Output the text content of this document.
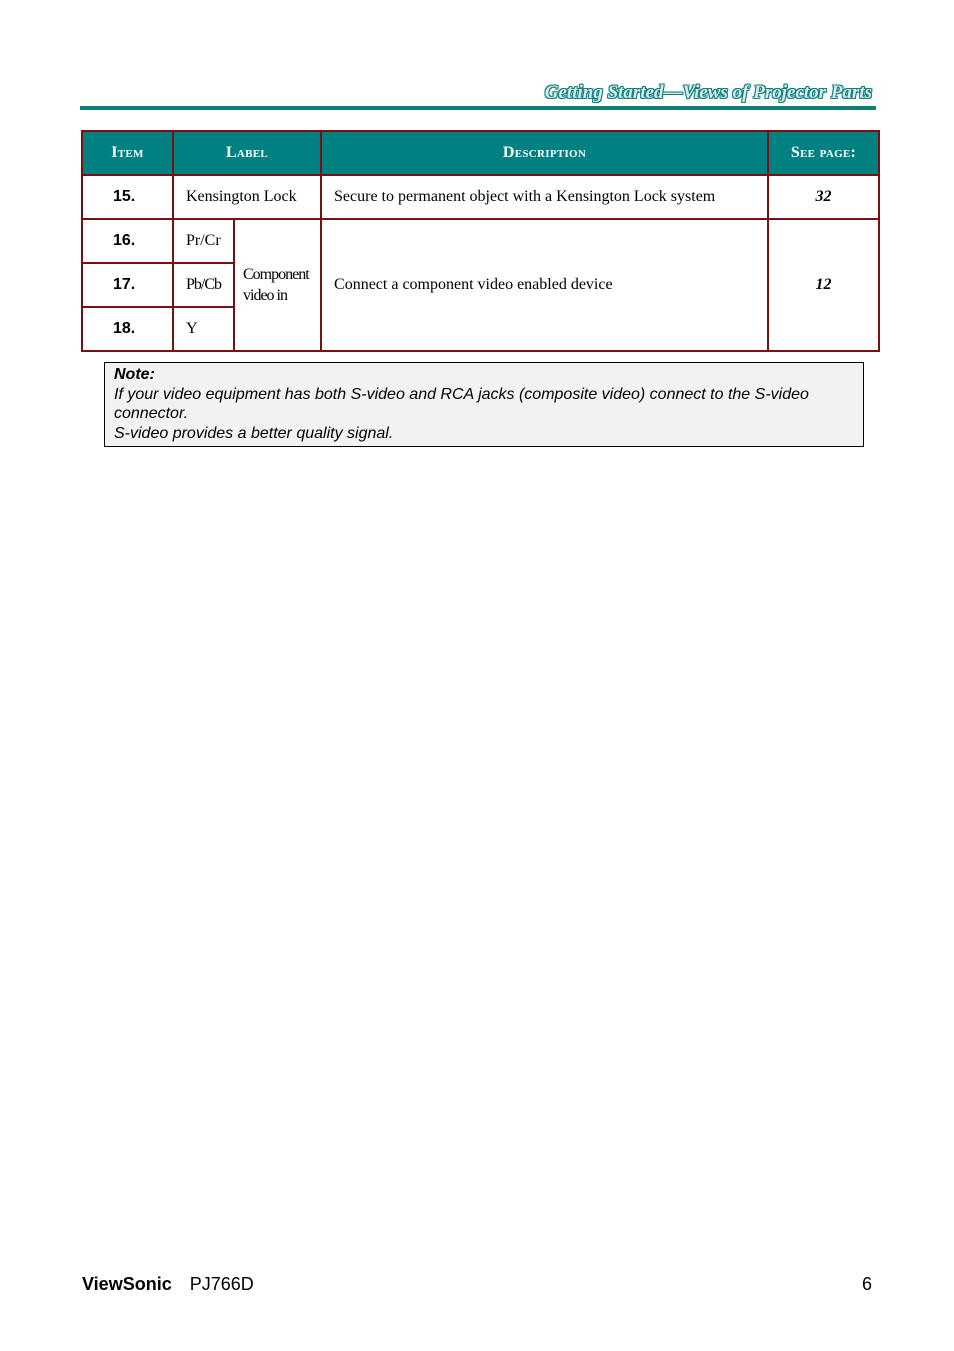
Getting Started—Views of Projector Parts
Item	Label		Description	See page:
15.	Kensington Lock		Secure to permanent object with a Kensington Lock system	32
16.	Pr/Cr	Component video in	Connect a component video enabled device	12
17.	Pb/Cb			
18.	Y			
Note:
If your video equipment has both S-video and RCA jacks (composite video) connect to the S-video connector.
S-video provides a better quality signal.
ViewSonic PJ766D	6
